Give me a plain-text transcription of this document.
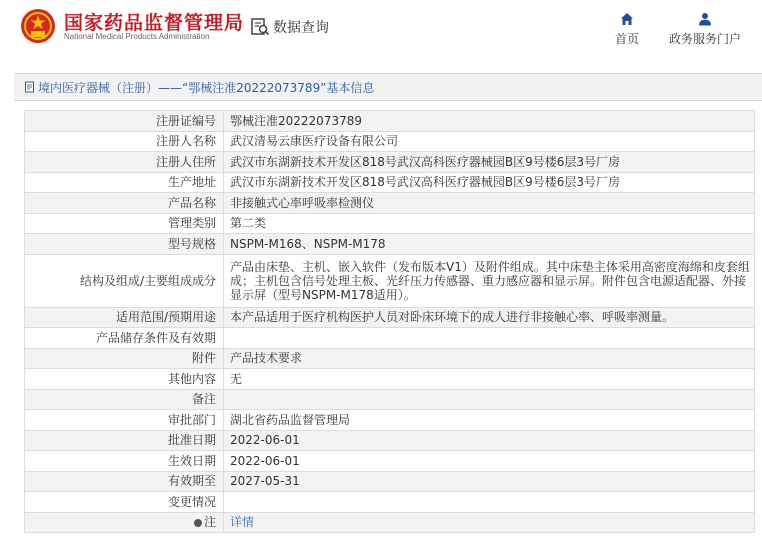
国家药品监督管理局
National Medical Products Administration
数据查询
首页	政务服务门户
境内医疗器械（注册）——“鄂械注准20222073789”基本信息
注册证编号	鄂械注准20222073789
注册人名称	武汉清易云康医疗设备有限公司
注册人住所	武汉市东湖新技术开发区818号武汉高科医疗器械园B区9号楼6层3号厂房
生产地址	武汉市东湖新技术开发区818号武汉高科医疗器械园B区9号楼6层3号厂房
产品名称	非接触式心率呼吸率检测仪
管理类别	第二类
型号规格	NSPM-M168、NSPM-M178
结构及组成/主要组成成分	产品由床垫、主机、嵌入软件（发布版本V1）及附件组成。其中床垫主体采用高密度海绵和皮套组成；主机包含信号处理主板、光纤压力传感器、重力感应器和显示屏。附件包含电源适配器、外接显示屏（型号NSPM-M178适用）。
适用范围/预期用途	本产品适用于医疗机构医护人员对卧床环境下的成人进行非接触心率、呼吸率测量。
产品储存条件及有效期	
附件	产品技术要求
其他内容	无
备注	
审批部门	湖北省药品监督管理局
批准日期	2022-06-01
生效日期	2022-06-01
有效期至	2027-05-31
变更情况	
注	详情
